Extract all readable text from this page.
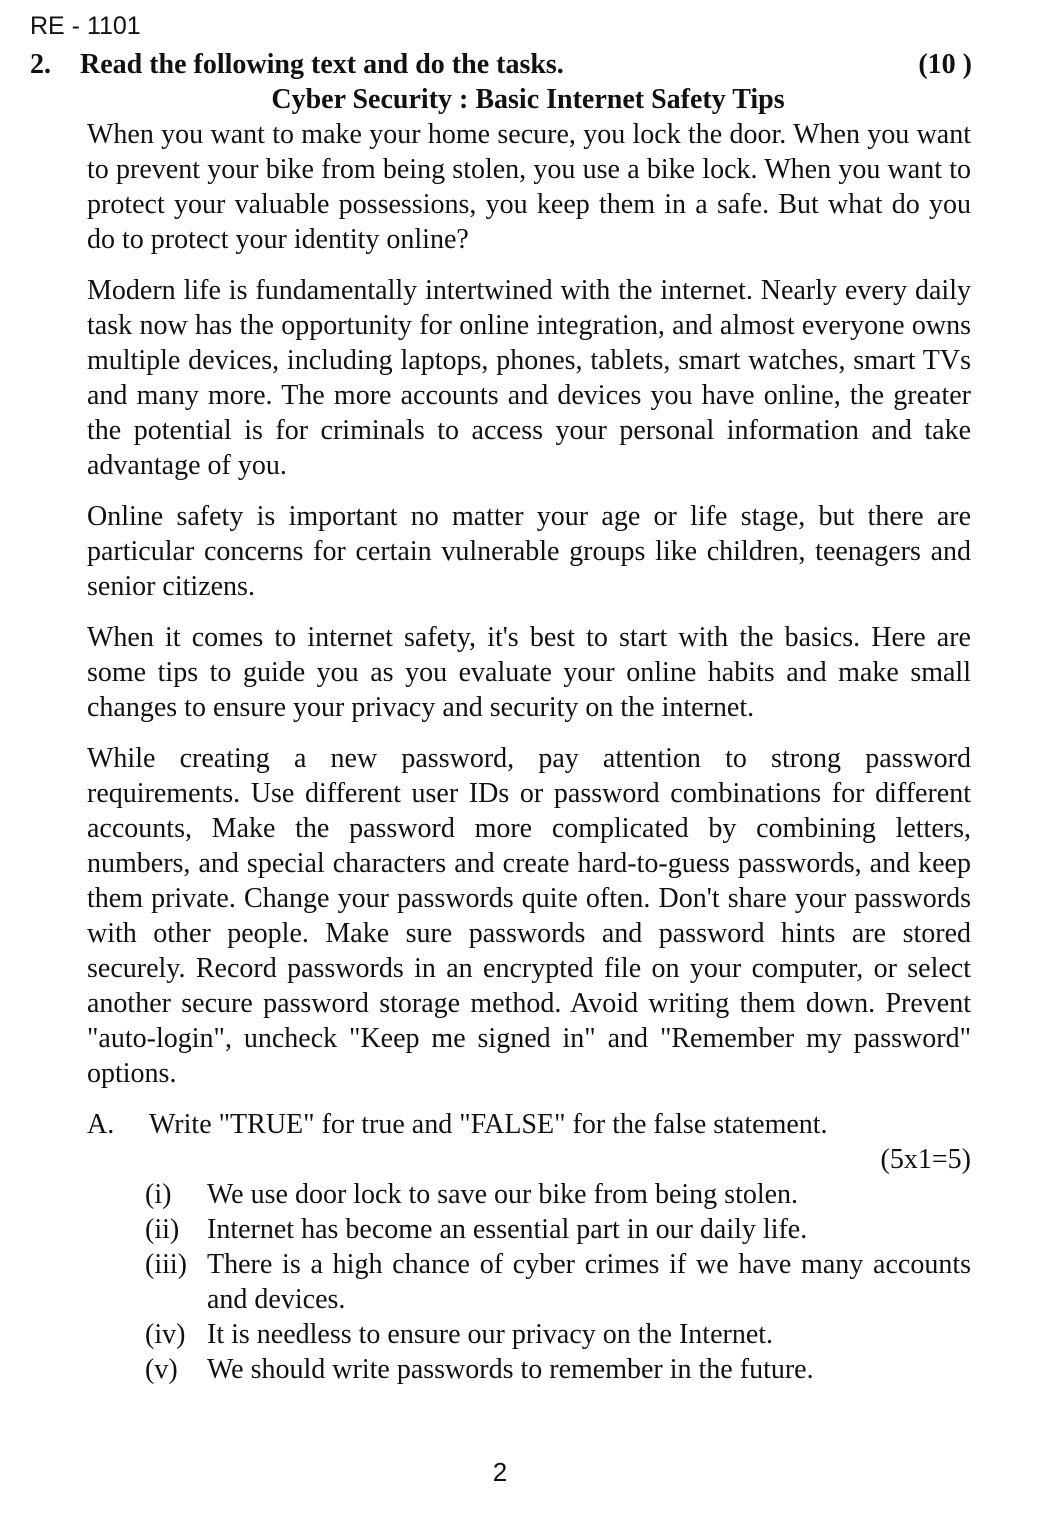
RE - 1101
2. Read the following text and do the tasks.	(10 )
Cyber Security : Basic Internet Safety Tips

When you want to make your home secure, you lock the door. When you want to prevent your bike from being stolen, you use a bike lock. When you want to protect your valuable possessions, you keep them in a safe. But what do you do to protect your identity online?

Modern life is fundamentally intertwined with the internet. Nearly every daily task now has the opportunity for online integration, and almost everyone owns multiple devices, including laptops, phones, tablets, smart watches, smart TVs and many more. The more accounts and devices you have online, the greater the potential is for criminals to access your personal information and take advantage of you.

Online safety is important no matter your age or life stage, but there are particular concerns for certain vulnerable groups like children, teenagers and senior citizens.

When it comes to internet safety, it's best to start with the basics. Here are some tips to guide you as you evaluate your online habits and make small changes to ensure your privacy and security on the internet.

While creating a new password, pay attention to strong password requirements. Use different user IDs or password combinations for different accounts, Make the password more complicated by combining letters, numbers, and special characters and create hard-to-guess passwords, and keep them private. Change your passwords quite often. Don't share your passwords with other people. Make sure passwords and password hints are stored securely. Record passwords in an encrypted file on your computer, or select another secure password storage method. Avoid writing them down. Prevent "auto-login", uncheck "Keep me signed in" and "Remember my password" options.

A. Write "TRUE" for true and "FALSE" for the false statement.
(5x1=5)
(i) We use door lock to save our bike from being stolen.
(ii) Internet has become an essential part in our daily life.
(iii) There is a high chance of cyber crimes if we have many accounts and devices.
(iv) It is needless to ensure our privacy on the Internet.
(v) We should write passwords to remember in the future.
2
